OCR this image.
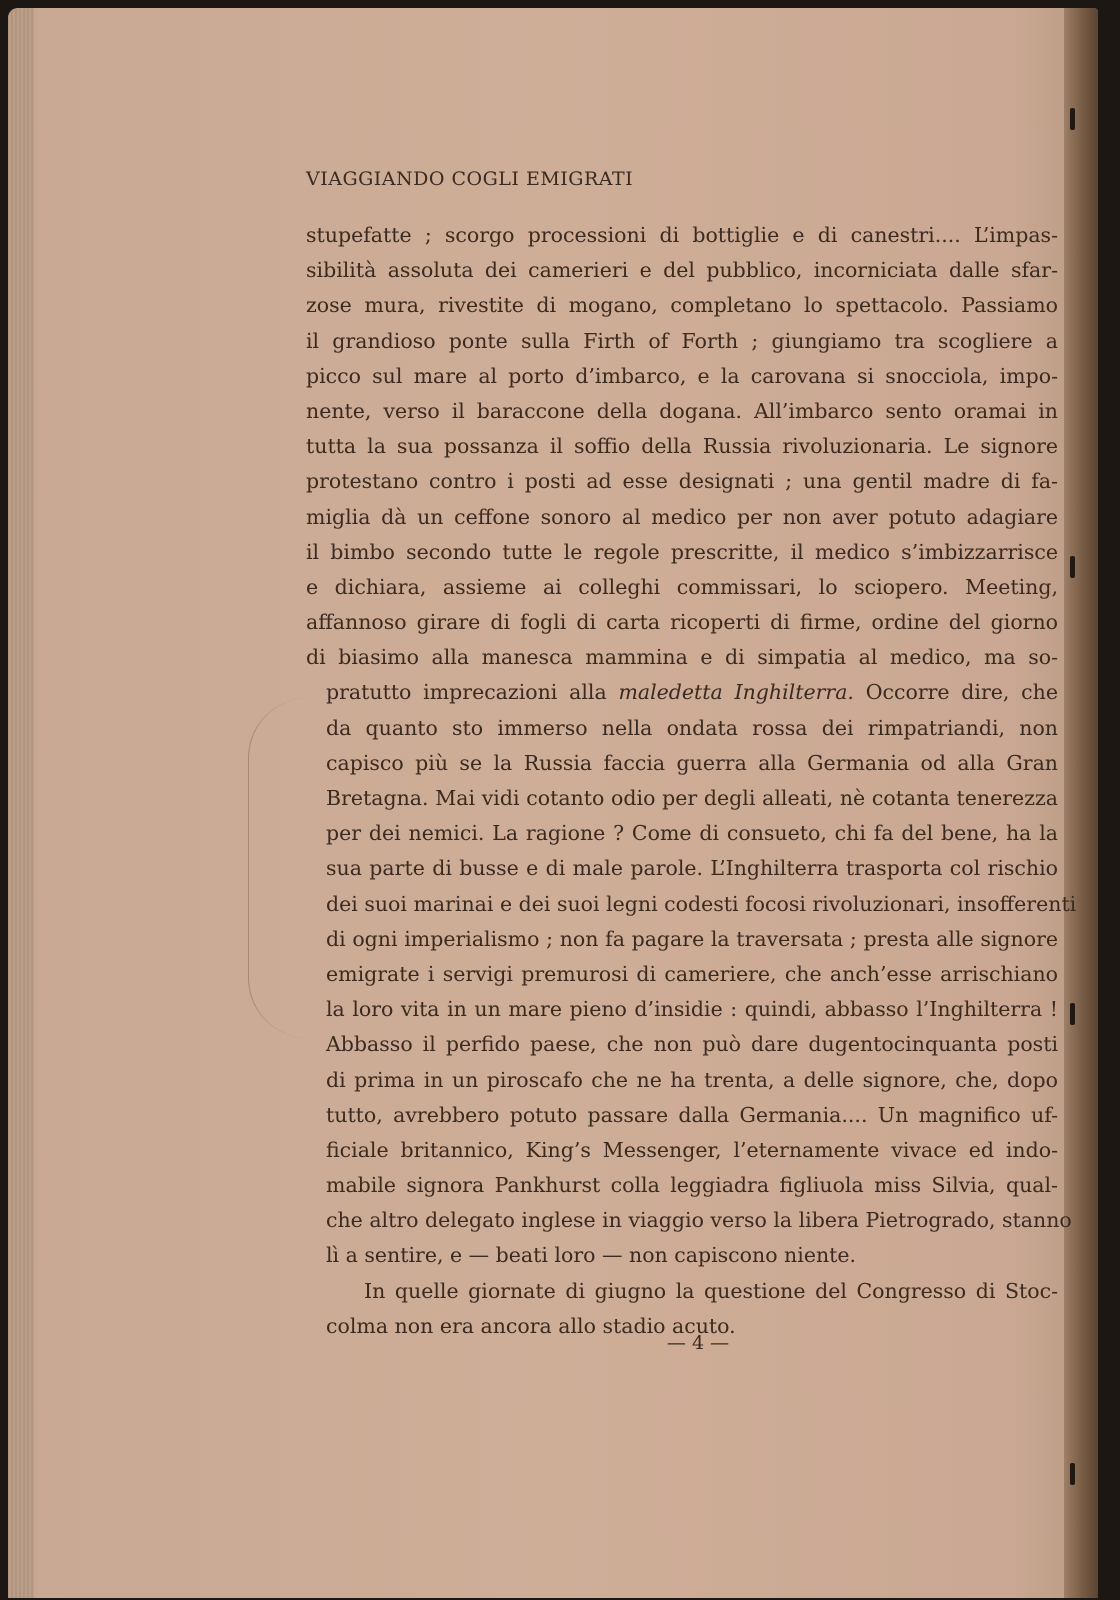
VIAGGIANDO COGLI EMIGRATI
stupefatte ; scorgo processioni di bottiglie e di canestri.... L’impas-
sibilità assoluta dei camerieri e del pubblico, incorniciata dalle sfar-
zose mura, rivestite di mogano, completano lo spettacolo. Passiamo
il grandioso ponte sulla Firth of Forth ; giungiamo tra scogliere a
picco sul mare al porto d’imbarco, e la carovana si snocciola, impo-
nente, verso il baraccone della dogana. All’imbarco sento oramai in
tutta la sua possanza il soffio della Russia rivoluzionaria. Le signore
protestano contro i posti ad esse designati ; una gentil madre di fa-
miglia dà un ceffone sonoro al medico per non aver potuto adagiare
il bimbo secondo tutte le regole prescritte, il medico s’imbizzarrisce
e dichiara, assieme ai colleghi commissari, lo sciopero. Meeting,
affannoso girare di fogli di carta ricoperti di firme, ordine del giorno
di biasimo alla manesca mammina e di simpatia al medico, ma so-
pratutto imprecazioni alla maledetta Inghilterra. Occorre dire, che
da quanto sto immerso nella ondata rossa dei rimpatriandi, non
capisco più se la Russia faccia guerra alla Germania od alla Gran
Bretagna. Mai vidi cotanto odio per degli alleati, nè cotanta tenerezza
per dei nemici. La ragione ? Come di consueto, chi fa del bene, ha la
sua parte di busse e di male parole. L’Inghilterra trasporta col rischio
dei suoi marinai e dei suoi legni codesti focosi rivoluzionari, insofferenti
di ogni imperialismo ; non fa pagare la traversata ; presta alle signore
emigrate i servigi premurosi di cameriere, che anch’esse arrischiano
la loro vita in un mare pieno d’insidie : quindi, abbasso l’Inghilterra !
Abbasso il perfido paese, che non può dare dugentocinquanta posti
di prima in un piroscafo che ne ha trenta, a delle signore, che, dopo
tutto, avrebbero potuto passare dalla Germania.... Un magnifico uf-
ficiale britannico, King’s Messenger, l’eternamente vivace ed indo-
mabile signora Pankhurst colla leggiadra figliuola miss Silvia, qual-
che altro delegato inglese in viaggio verso la libera Pietrogrado, stanno
lì a sentire, e — beati loro — non capiscono niente.
In quelle giornate di giugno la questione del Congresso di Stoc-
colma non era ancora allo stadio acuto.
— 4 —
